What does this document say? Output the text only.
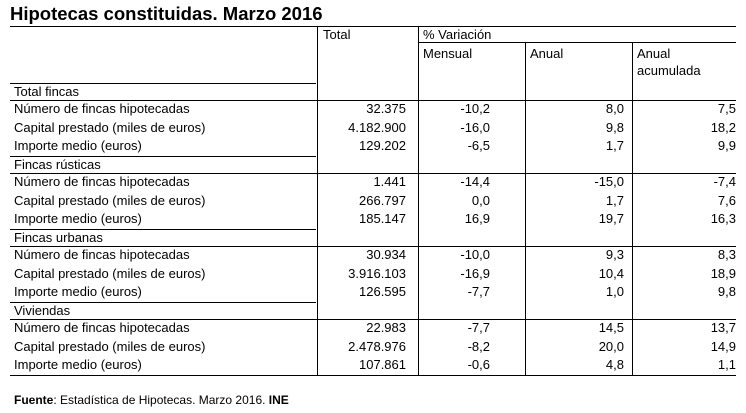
Hipotecas constituidas. Marzo 2016
Total	% Variación
Mensual	Anual	Anual
acumulada
Total fincas
Número de fincas hipotecadas	32.375	-10,2	8,0	7,5
Capital prestado (miles de euros)	4.182.900	-16,0	9,8	18,2
Importe medio (euros)	129.202	-6,5	1,7	9,9
Fincas rústicas
Número de fincas hipotecadas	1.441	-14,4	-15,0	-7,4
Capital prestado (miles de euros)	266.797	0,0	1,7	7,6
Importe medio (euros)	185.147	16,9	19,7	16,3
Fincas urbanas
Número de fincas hipotecadas	30.934	-10,0	9,3	8,3
Capital prestado (miles de euros)	3.916.103	-16,9	10,4	18,9
Importe medio (euros)	126.595	-7,7	1,0	9,8
Viviendas
Número de fincas hipotecadas	22.983	-7,7	14,5	13,7
Capital prestado (miles de euros)	2.478.976	-8,2	20,0	14,9
Importe medio (euros)	107.861	-0,6	4,8	1,1
Fuente: Estadística de Hipotecas. Marzo 2016. INE
